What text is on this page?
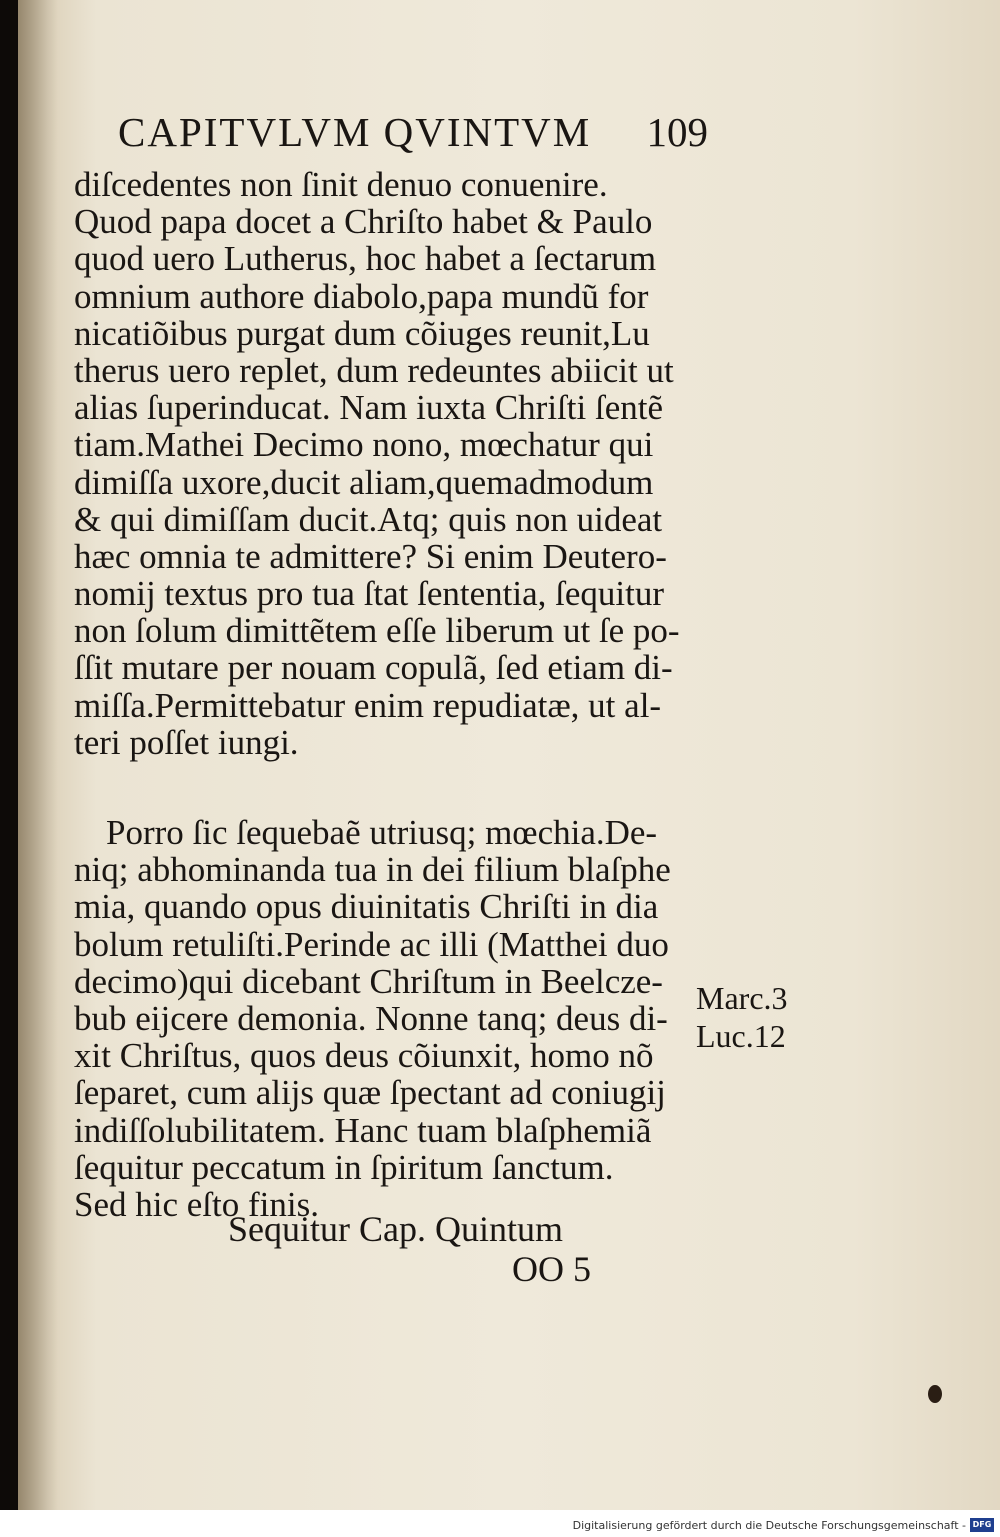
CAPITVLVM QVINTVM 109
diſcedentes non ſinit denuo conuenire.
Quod papa docet a Chriſto habet & Paulo
quod uero Lutherus, hoc habet a ſectarum
omnium authore diabolo,papa mundũ for
nicatiõibus purgat dum cõiuges reunit,Lu
therus uero replet, dum redeuntes abiicit ut
alias ſuperinducat. Nam iuxta Chriſti ſentẽ
tiam.Mathei Decimo nono, mœchatur qui
dimiſſa uxore,ducit aliam,quemadmodum
& qui dimiſſam ducit.Atq; quis non uideat
hæc omnia te admittere? Si enim Deutero-
nomij textus pro tua ſtat ſententia, ſequitur
non ſolum dimittẽtem eſſe liberum ut ſe po-
ſſit mutare per nouam copulã, ſed etiam di-
miſſa.Permittebatur enim repudiatæ, ut al-
teri poſſet iungi.
Porro ſic ſequebaẽ utriusq; mœchia.De-
niq; abhominanda tua in dei filium blaſphe
mia, quando opus diuinitatis Chriſti in dia
bolum retuliſti.Perinde ac illi (Matthei duo
decimo)qui dicebant Chriſtum in Beelcze-
bub eijcere demonia. Nonne tanq; deus di-
xit Chriſtus, quos deus cõiunxit, homo nõ
ſeparet, cum alijs quæ ſpectant ad coniugij
indiſſolubilitatem. Hanc tuam blaſphemiã
ſequitur peccatum in ſpiritum ſanctum.
Sed hic eſto finis.
Marc.3
Luc.12
Sequitur Cap. Quintum
OO 5
Digitalisierung gefördert durch die Deutsche Forschungsgemeinschaft - DFG
